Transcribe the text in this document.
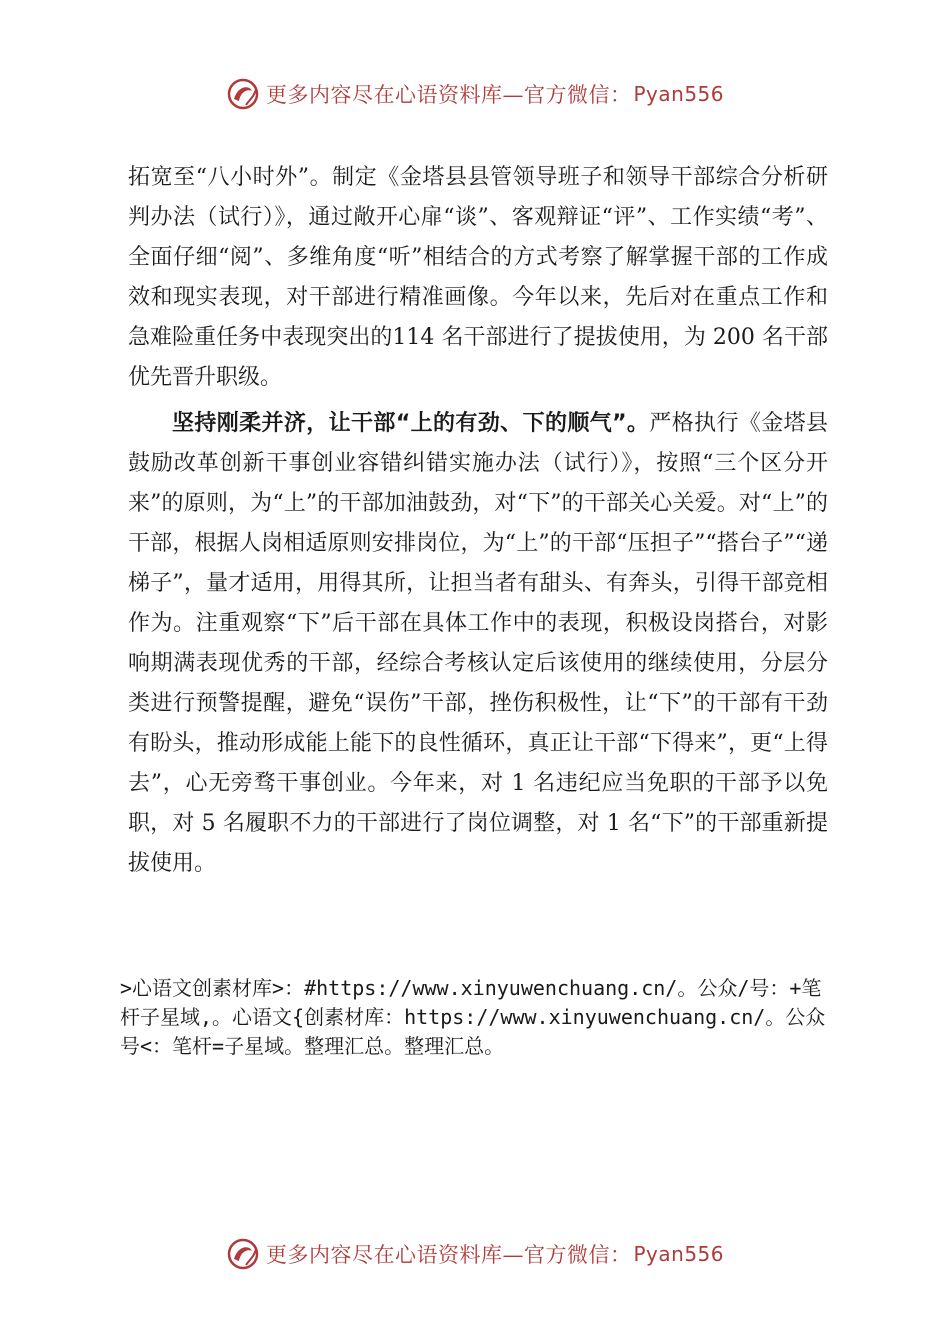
更多内容尽在心语资料库—官方微信： Pyan556

拓宽至“八小时外”。制定《金塔县县管领导班子和领导干部综合分析研判办法（试行）》，通过敞开心扉“谈”、客观辩证“评”、工作实绩“考”、全面仔细“阅”、多维角度“听”相结合的方式考察了解掌握干部的工作成效和现实表现，对干部进行精准画像。今年以来，先后对在重点工作和急难险重任务中表现突出的114 名干部进行了提拔使用，为 200 名干部优先晋升职级。

坚持刚柔并济，让干部“上的有劲、下的顺气”。严格执行《金塔县鼓励改革创新干事创业容错纠错实施办法（试行）》，按照“三个区分开来”的原则，为“上”的干部加油鼓劲，对“下”的干部关心关爱。对“上”的干部，根据人岗相适原则安排岗位，为“上”的干部“压担子”“搭台子”“递梯子”，量才适用，用得其所，让担当者有甜头、有奔头，引得干部竞相作为。注重观察“下”后干部在具体工作中的表现，积极设岗搭台，对影响期满表现优秀的干部，经综合考核认定后该使用的继续使用，分层分类进行预警提醒，避免“误伤”干部，挫伤积极性，让“下”的干部有干劲有盼头，推动形成能上能下的良性循环，真正让干部“下得来”，更“上得去”，心无旁骛干事创业。今年来，对 1 名违纪应当免职的干部予以免职，对 5 名履职不力的干部进行了岗位调整，对 1 名“下”的干部重新提拔使用。

>心语文创素材库>：#https://www.xinyuwenchuang.cn/。公众/号：+笔杆子星域,。心语文{创素材库：https://www.xinyuwenchuang.cn/。公众号<：笔杆=子星域。整理汇总。整理汇总。
更多内容尽在心语资料库—官方微信： Pyan556
